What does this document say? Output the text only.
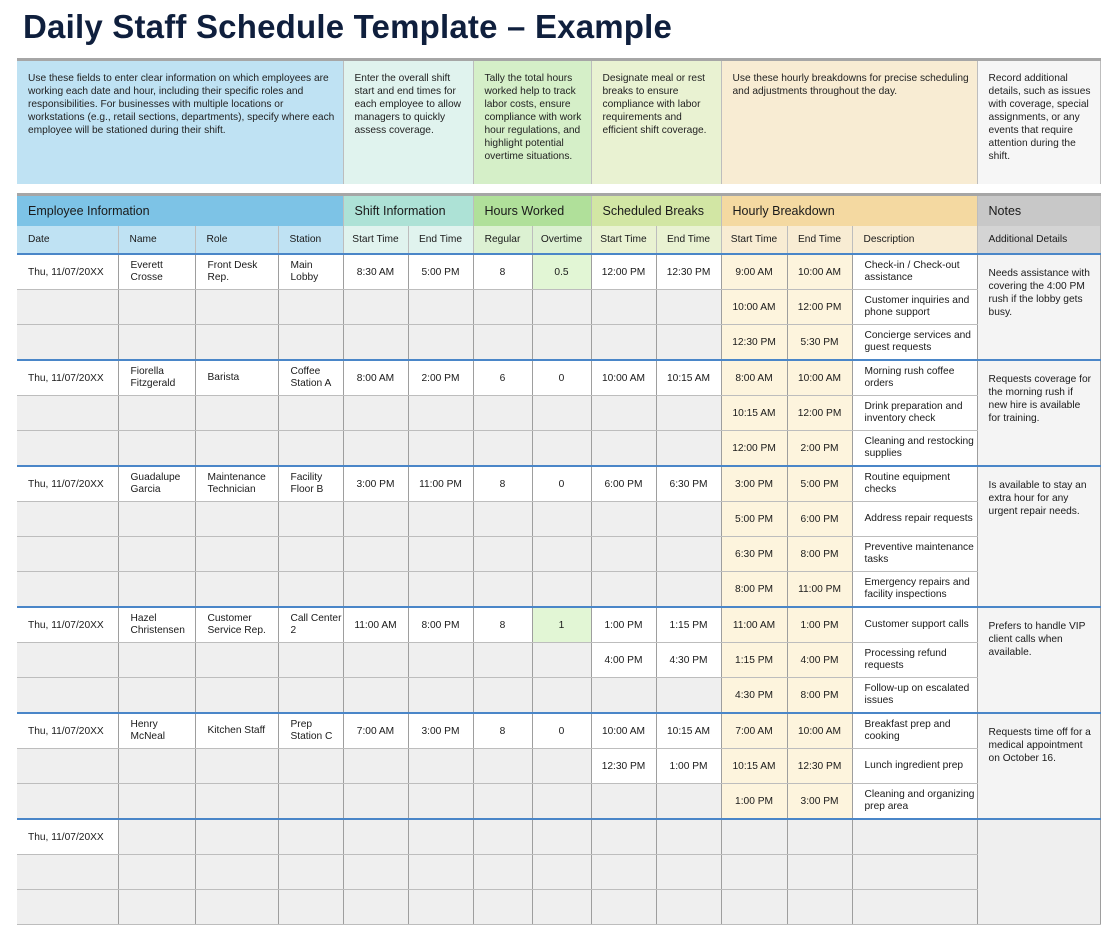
Daily Staff Schedule Template – Example
Use these fields to enter clear information on which employees are working each date and hour, including their specific roles and responsibilities. For businesses with multiple locations or workstations (e.g., retail sections, departments), specify where each employee will be stationed during their shift.				Enter the overall shift start and end times for each employee to allow managers to quickly assess coverage.		Tally the total hours worked help to track labor costs, ensure compliance with work hour regulations, and highlight potential overtime situations.		Designate meal or rest breaks to ensure compliance with labor requirements and efficient shift coverage.		Use these hourly breakdowns for precise scheduling and adjustments throughout the day.			Record additional details, such as issues with coverage, special assignments, or any events that require attention during the shift.

Employee Information				Shift Information		Hours Worked		Scheduled Breaks		Hourly Breakdown			Notes
Date	Name	Role	Station	Start Time	End Time	Regular	Overtime	Start Time	End Time	Start Time	End Time	Description	Additional Details
Thu, 11/07/20XX	Everett Crosse	Front Desk Rep.	Main Lobby	8:30 AM	5:00 PM	8	0.5	12:00 PM	12:30 PM	9:00 AM	10:00 AM	Check-in / Check-out assistance	Needs assistance with covering the 4:00 PM rush if the lobby gets busy.
										10:00 AM	12:00 PM	Customer inquiries and phone support	
										12:30 PM	5:30 PM	Concierge services and guest requests	
Thu, 11/07/20XX	Fiorella Fitzgerald	Barista	Coffee Station A	8:00 AM	2:00 PM	6	0	10:00 AM	10:15 AM	8:00 AM	10:00 AM	Morning rush coffee orders	Requests coverage for the morning rush if new hire is available for training.
										10:15 AM	12:00 PM	Drink preparation and inventory check	
										12:00 PM	2:00 PM	Cleaning and restocking supplies	
Thu, 11/07/20XX	Guadalupe Garcia	Maintenance Technician	Facility Floor B	3:00 PM	11:00 PM	8	0	6:00 PM	6:30 PM	3:00 PM	5:00 PM	Routine equipment checks	Is available to stay an extra hour for any urgent repair needs.
										5:00 PM	6:00 PM	Address repair requests	
										6:30 PM	8:00 PM	Preventive maintenance tasks	
										8:00 PM	11:00 PM	Emergency repairs and facility inspections	
Thu, 11/07/20XX	Hazel Christensen	Customer Service Rep.	Call Center 2	11:00 AM	8:00 PM	8	1	1:00 PM	1:15 PM	11:00 AM	1:00 PM	Customer support calls	Prefers to handle VIP client calls when available.
								4:00 PM	4:30 PM	1:15 PM	4:00 PM	Processing refund requests	
										4:30 PM	8:00 PM	Follow-up on escalated issues	
Thu, 11/07/20XX	Henry McNeal	Kitchen Staff	Prep Station C	7:00 AM	3:00 PM	8	0	10:00 AM	10:15 AM	7:00 AM	10:00 AM	Breakfast prep and cooking	Requests time off for a medical appointment on October 16.
								12:30 PM	1:00 PM	10:15 AM	12:30 PM	Lunch ingredient prep	
										1:00 PM	3:00 PM	Cleaning and organizing prep area	
Thu, 11/07/20XX													
